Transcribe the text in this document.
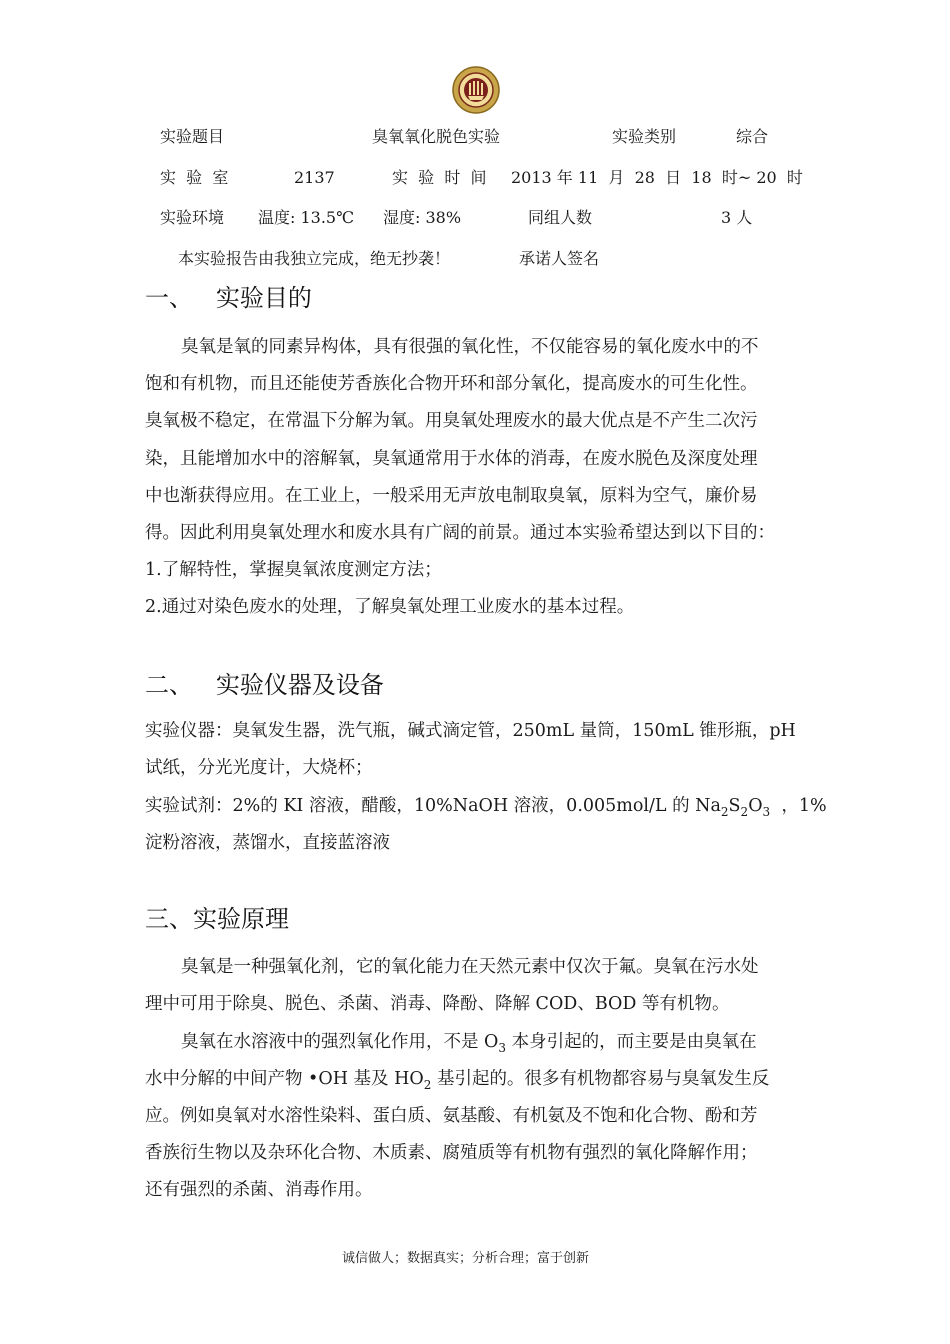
实验题目	臭氧氧化脱色实验	实验类别	综合
实  验  室	2137	实  验  时  间 2013 年 11  月  28  日  18  时~ 20  时
实验环境 温度: 13.5℃ 湿度: 38%	同组人数	3 人
本实验报告由我独立完成，绝无抄袭！	承诺人签名
一、   实验目的
臭氧是氧的同素异构体，具有很强的氧化性，不仅能容易的氧化废水中的不
饱和有机物，而且还能使芳香族化合物开环和部分氧化，提高废水的可生化性。
臭氧极不稳定，在常温下分解为氧。用臭氧处理废水的最大优点是不产生二次污
染，且能增加水中的溶解氧，臭氧通常用于水体的消毒，在废水脱色及深度处理
中也渐获得应用。在工业上，一般采用无声放电制取臭氧，原料为空气，廉价易
得。因此利用臭氧处理水和废水具有广阔的前景。通过本实验希望达到以下目的：
1.了解特性，掌握臭氧浓度测定方法；
2.通过对染色废水的处理，了解臭氧处理工业废水的基本过程。
二、   实验仪器及设备
实验仪器：臭氧发生器，洗气瓶，碱式滴定管，250mL 量筒，150mL 锥形瓶，pH
试纸，分光光度计，大烧杯；
实验试剂：2%的 KI 溶液，醋酸，10%NaOH 溶液，0.005mol/L 的 $Na_2S_2O_3$  ，1%
淀粉溶液，蒸馏水，直接蓝溶液
三、实验原理
臭氧是一种强氧化剂，它的氧化能力在天然元素中仅次于氟。臭氧在污水处
理中可用于除臭、脱色、杀菌、消毒、降酚、降解 COD、BOD 等有机物。
臭氧在水溶液中的强烈氧化作用，不是 $O_3$ 本身引起的，而主要是由臭氧在
水中分解的中间产物 •OH 基及 $HO_2$ 基引起的。很多有机物都容易与臭氧发生反
应。例如臭氧对水溶性染料、蛋白质、氨基酸、有机氨及不饱和化合物、酚和芳
香族衍生物以及杂环化合物、木质素、腐殖质等有机物有强烈的氧化降解作用；
还有强烈的杀菌、消毒作用。
诚信做人；数据真实；分析合理；富于创新
